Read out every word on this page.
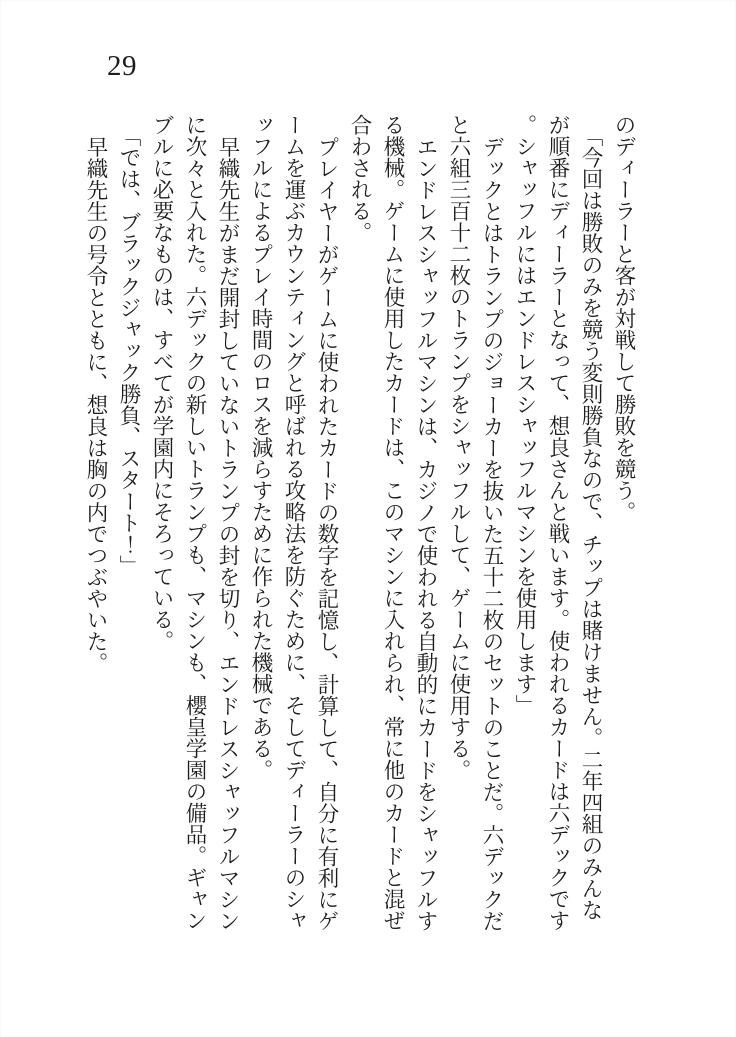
29

のディーラーと客が対戦して勝敗を競う。

「今回は勝敗のみを競う変則勝負なので、チップは賭けません。二年四組のみんなが順番にディーラーとなって、想良さんと戦います。使われるカードは六デックです。シャッフルにはエンドレスシャッフルマシンを使用します」

デックとはトランプのジョーカーを抜いた五十二枚のセットのことだ。六デックだと六組三百十二枚のトランプをシャッフルして、ゲームに使用する。

エンドレスシャッフルマシンは、カジノで使われる自動的にカードをシャッフルする機械。ゲームに使用したカードは、このマシンに入れられ、常に他のカードと混ぜ合わされる。

プレイヤーがゲームに使われたカードの数字を記憶し、計算して、自分に有利にゲームを運ぶカウンティングと呼ばれる攻略法を防ぐために、そしてディーラーのシャッフルによるプレイ時間のロスを減らすために作られた機械である。

早織先生がまだ開封していないトランプの封を切り、エンドレスシャッフルマシンに次々と入れた。六デックの新しいトランプも、マシンも、櫻皇学園の備品。ギャンブルに必要なものは、すべてが学園内にそろっている。

「では、ブラックジャック勝負、スタート！」

早織先生の号令とともに、想良は胸の内でつぶやいた。
